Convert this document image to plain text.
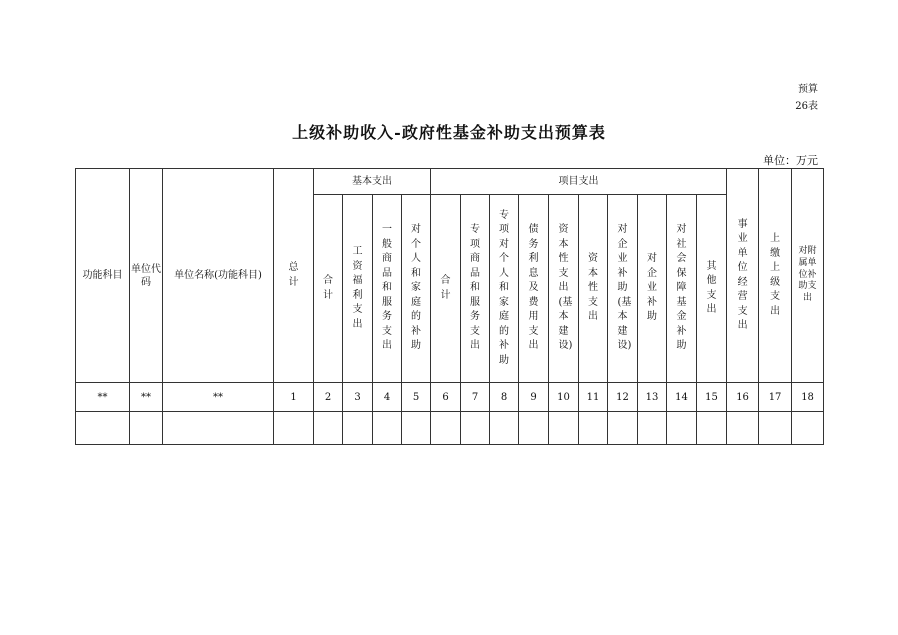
预算
26表
上级补助收入-政府性基金补助支出预算表
单位：万元
功能科目	单位代码	单位名称(功能科目)	总计	基本支出				项目支出										事业单位经营支出	上缴上级支出	对附属单位补助支出
				合计	工资福利支出	一般商品和服务支出	对个人和家庭的补助	合计	专项商品和服务支出	专项对个人和家庭的补助	债务利息及费用支出	资本性支出(基本建设)	资本性支出	对企业补助(基本建设)	对企业补助	对社会保障基金补助	其他支出			
**	**	**	1	2	3	4	5	6	7	8	9	10	11	12	13	14	15	16	17	18
